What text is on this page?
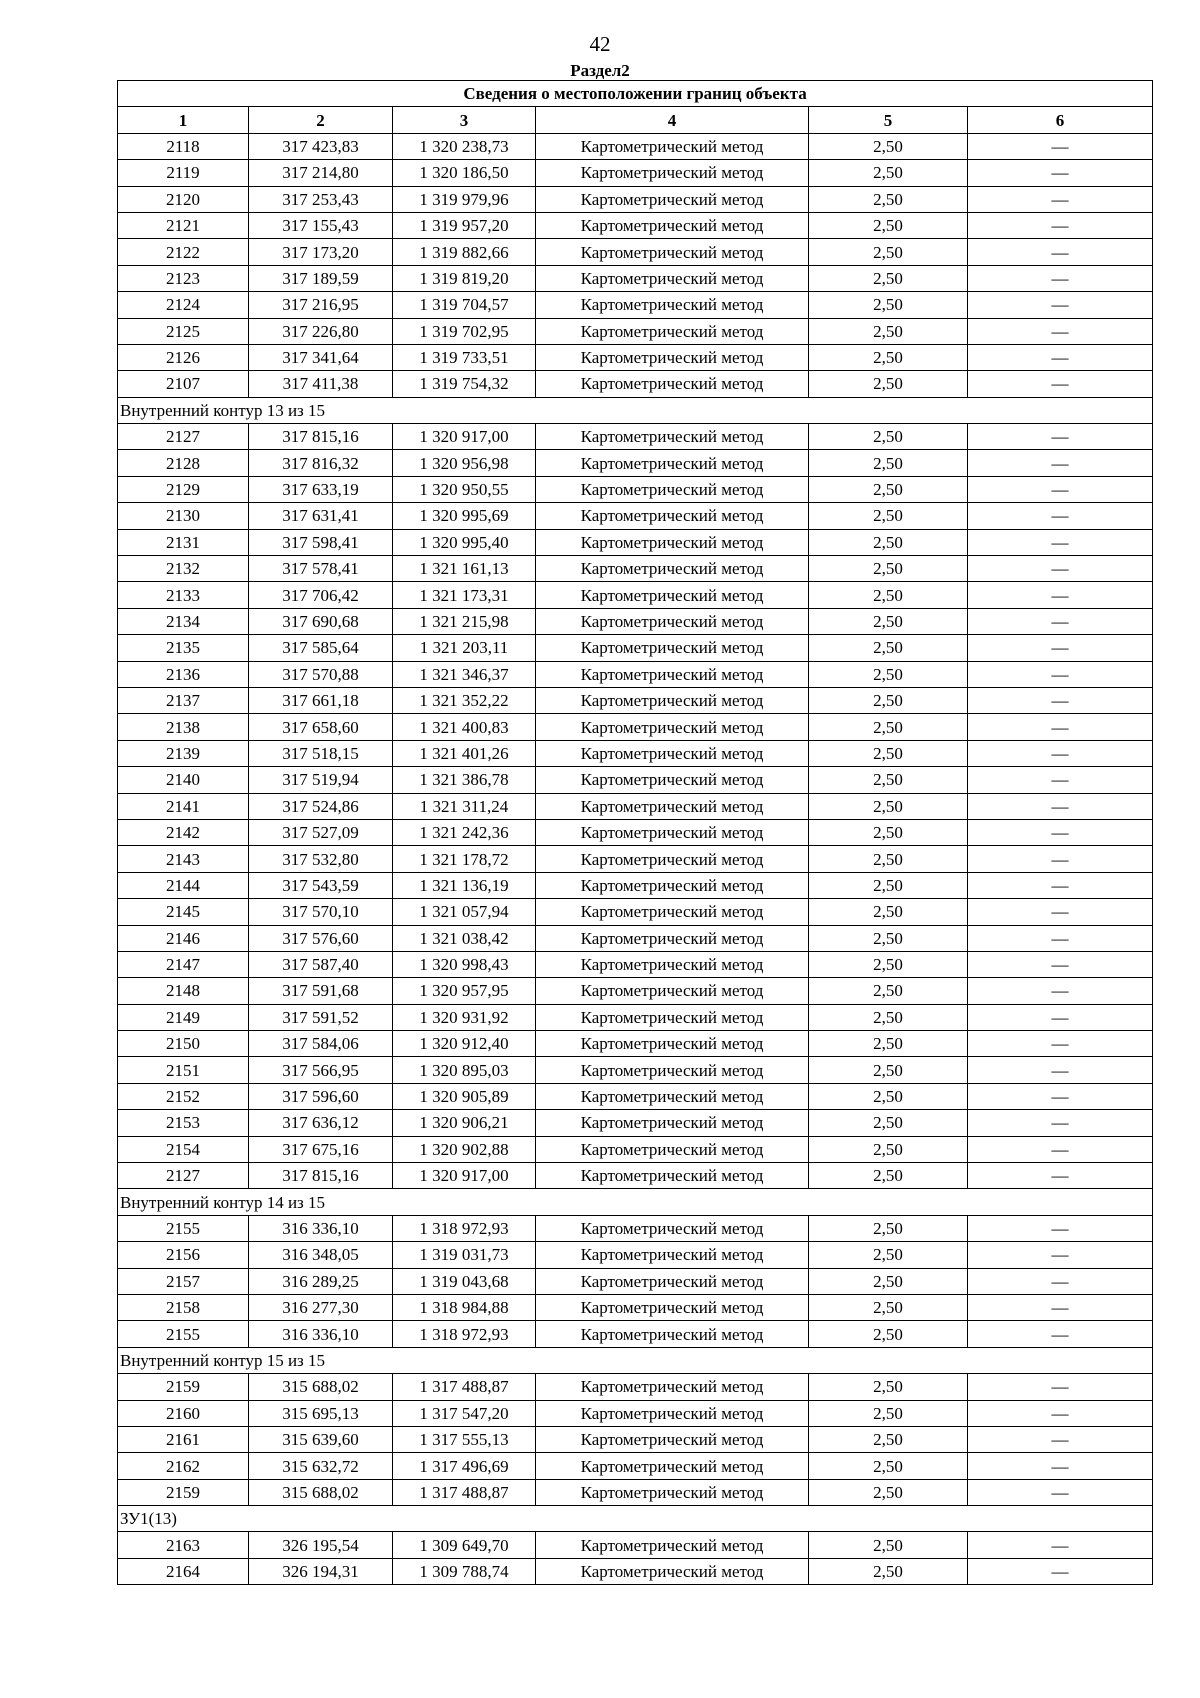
42
Раздел2
Сведения о местоположении границ объекта					
1	2	3	4	5	6
2118	317 423,83	1 320 238,73	Картометрический метод	2,50	—
2119	317 214,80	1 320 186,50	Картометрический метод	2,50	—
2120	317 253,43	1 319 979,96	Картометрический метод	2,50	—
2121	317 155,43	1 319 957,20	Картометрический метод	2,50	—
2122	317 173,20	1 319 882,66	Картометрический метод	2,50	—
2123	317 189,59	1 319 819,20	Картометрический метод	2,50	—
2124	317 216,95	1 319 704,57	Картометрический метод	2,50	—
2125	317 226,80	1 319 702,95	Картометрический метод	2,50	—
2126	317 341,64	1 319 733,51	Картометрический метод	2,50	—
2107	317 411,38	1 319 754,32	Картометрический метод	2,50	—
Внутренний контур 13 из 15					
2127	317 815,16	1 320 917,00	Картометрический метод	2,50	—
2128	317 816,32	1 320 956,98	Картометрический метод	2,50	—
2129	317 633,19	1 320 950,55	Картометрический метод	2,50	—
2130	317 631,41	1 320 995,69	Картометрический метод	2,50	—
2131	317 598,41	1 320 995,40	Картометрический метод	2,50	—
2132	317 578,41	1 321 161,13	Картометрический метод	2,50	—
2133	317 706,42	1 321 173,31	Картометрический метод	2,50	—
2134	317 690,68	1 321 215,98	Картометрический метод	2,50	—
2135	317 585,64	1 321 203,11	Картометрический метод	2,50	—
2136	317 570,88	1 321 346,37	Картометрический метод	2,50	—
2137	317 661,18	1 321 352,22	Картометрический метод	2,50	—
2138	317 658,60	1 321 400,83	Картометрический метод	2,50	—
2139	317 518,15	1 321 401,26	Картометрический метод	2,50	—
2140	317 519,94	1 321 386,78	Картометрический метод	2,50	—
2141	317 524,86	1 321 311,24	Картометрический метод	2,50	—
2142	317 527,09	1 321 242,36	Картометрический метод	2,50	—
2143	317 532,80	1 321 178,72	Картометрический метод	2,50	—
2144	317 543,59	1 321 136,19	Картометрический метод	2,50	—
2145	317 570,10	1 321 057,94	Картометрический метод	2,50	—
2146	317 576,60	1 321 038,42	Картометрический метод	2,50	—
2147	317 587,40	1 320 998,43	Картометрический метод	2,50	—
2148	317 591,68	1 320 957,95	Картометрический метод	2,50	—
2149	317 591,52	1 320 931,92	Картометрический метод	2,50	—
2150	317 584,06	1 320 912,40	Картометрический метод	2,50	—
2151	317 566,95	1 320 895,03	Картометрический метод	2,50	—
2152	317 596,60	1 320 905,89	Картометрический метод	2,50	—
2153	317 636,12	1 320 906,21	Картометрический метод	2,50	—
2154	317 675,16	1 320 902,88	Картометрический метод	2,50	—
2127	317 815,16	1 320 917,00	Картометрический метод	2,50	—
Внутренний контур 14 из 15					
2155	316 336,10	1 318 972,93	Картометрический метод	2,50	—
2156	316 348,05	1 319 031,73	Картометрический метод	2,50	—
2157	316 289,25	1 319 043,68	Картометрический метод	2,50	—
2158	316 277,30	1 318 984,88	Картометрический метод	2,50	—
2155	316 336,10	1 318 972,93	Картометрический метод	2,50	—
Внутренний контур 15 из 15					
2159	315 688,02	1 317 488,87	Картометрический метод	2,50	—
2160	315 695,13	1 317 547,20	Картометрический метод	2,50	—
2161	315 639,60	1 317 555,13	Картометрический метод	2,50	—
2162	315 632,72	1 317 496,69	Картометрический метод	2,50	—
2159	315 688,02	1 317 488,87	Картометрический метод	2,50	—
ЗУ1(13)					
2163	326 195,54	1 309 649,70	Картометрический метод	2,50	—
2164	326 194,31	1 309 788,74	Картометрический метод	2,50	—
